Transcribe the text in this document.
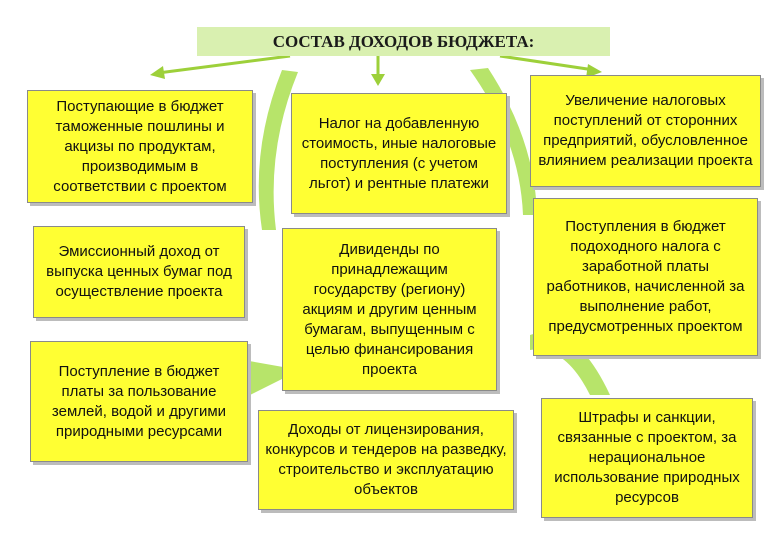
СОСТАВ ДОХОДОВ БЮДЖЕТА:
Поступающие в бюджет таможенные пошлины и акцизы по продуктам, производимым в соответствии с проектом
Эмиссионный доход от выпуска ценных бумаг под осуществление проекта
Поступление в бюджет платы за пользование землей, водой и другими природными ресурсами
Налог на добавленную стоимость, иные налоговые поступления (с учетом льгот) и рентные платежи
Дивиденды по принадлежащим государству (региону) акциям и другим ценным бумагам, выпущенным с целью финансирования проекта
Доходы от лицензирования, конкурсов и тендеров на разведку, строительство и эксплуатацию объектов
Увеличение налоговых поступлений от сторонних предприятий, обусловленное влиянием реализации проекта
Поступления в бюджет подоходного налога с заработной платы работников, начисленной за выполнение работ, предусмотренных проектом
Штрафы и санкции, связанные с проектом, за нерациональное использование природных ресурсов
